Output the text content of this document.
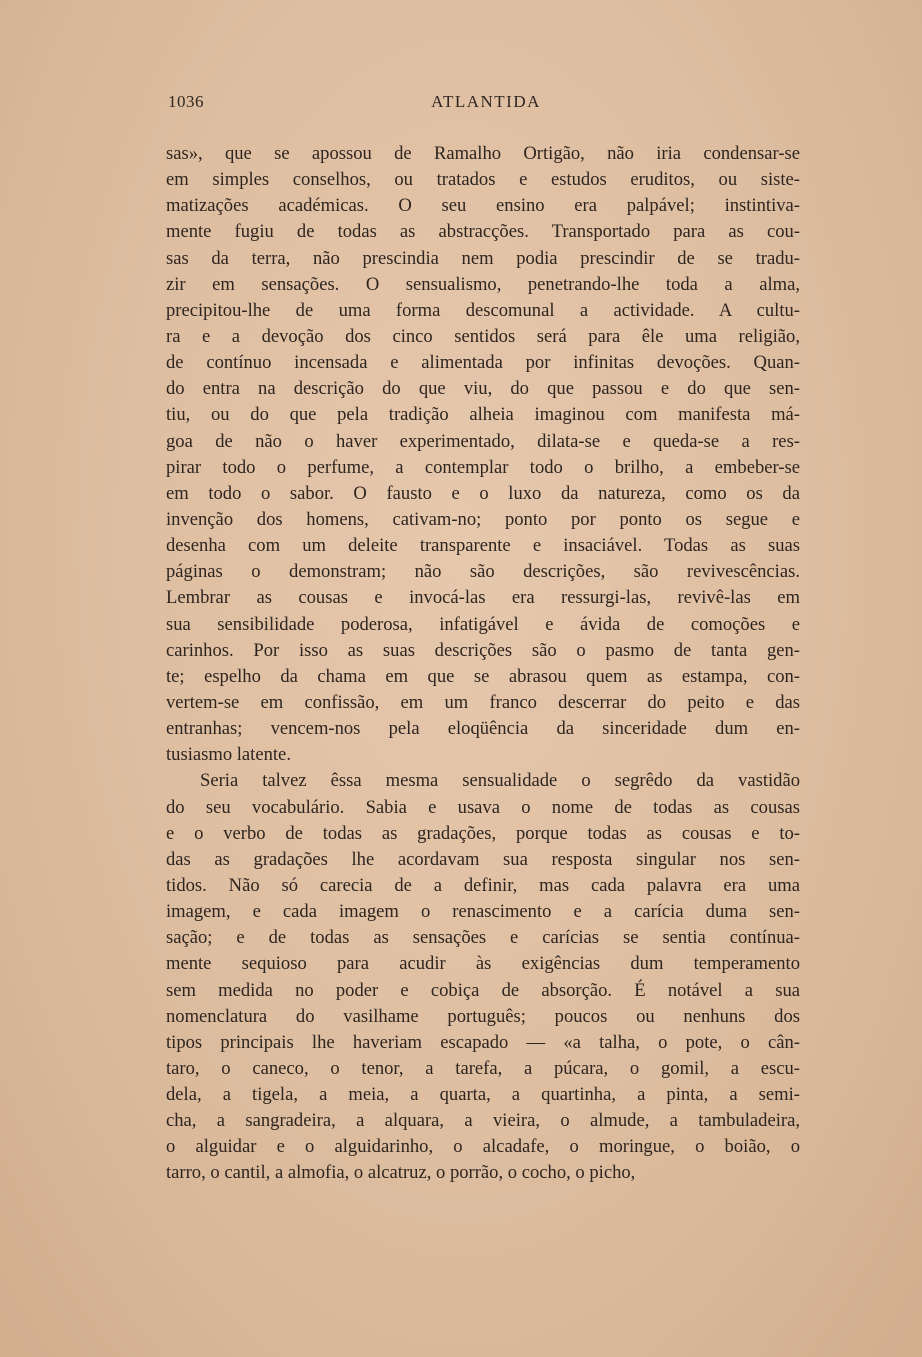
1036	ATLANTIDA
sas», que se apossou de Ramalho Ortigão, não iria condensar-se
em simples conselhos, ou tratados e estudos eruditos, ou siste-
matizações académicas. O seu ensino era palpável; instintiva-
mente fugiu de todas as abstracções. Transportado para as cou-
sas da terra, não prescindia nem podia prescindir de se tradu-
zir em sensações. O sensualismo, penetrando-lhe toda a alma,
precipitou-lhe de uma forma descomunal a actividade. A cultu-
ra e a devoção dos cinco sentidos será para êle uma religião,
de contínuo incensada e alimentada por infinitas devoções. Quan-
do entra na descrição do que viu, do que passou e do que sen-
tiu, ou do que pela tradição alheia imaginou com manifesta má-
goa de não o haver experimentado, dilata-se e queda-se a res-
pirar todo o perfume, a contemplar todo o brilho, a embeber-se
em todo o sabor. O fausto e o luxo da natureza, como os da
invenção dos homens, cativam-no; ponto por ponto os segue e
desenha com um deleite transparente e insaciável. Todas as suas
páginas o demonstram; não são descrições, são revivescências.
Lembrar as cousas e invocá-las era ressurgi-las, revivê-las em
sua sensibilidade poderosa, infatigável e ávida de comoções e
carinhos. Por isso as suas descrições são o pasmo de tanta gen-
te; espelho da chama em que se abrasou quem as estampa, con-
vertem-se em confissão, em um franco descerrar do peito e das
entranhas; vencem-nos pela eloqüência da sinceridade dum en-
tusiasmo latente.
Seria talvez êssa mesma sensualidade o segrêdo da vastidão
do seu vocabulário. Sabia e usava o nome de todas as cousas
e o verbo de todas as gradações, porque todas as cousas e to-
das as gradações lhe acordavam sua resposta singular nos sen-
tidos. Não só carecia de a definir, mas cada palavra era uma
imagem, e cada imagem o renascimento e a carícia duma sen-
sação; e de todas as sensações e carícias se sentia contínua-
mente sequioso para acudir às exigências dum temperamento
sem medida no poder e cobiça de absorção. É notável a sua
nomenclatura do vasilhame português; poucos ou nenhuns dos
tipos principais lhe haveriam escapado — «a talha, o pote, o cân-
taro, o caneco, o tenor, a tarefa, a púcara, o gomil, a escu-
dela, a tigela, a meia, a quarta, a quartinha, a pinta, a semi-
cha, a sangradeira, a alquara, a vieira, o almude, a tambuladeira,
o alguidar e o alguidarinho, o alcadafe, o moringue, o boião, o
tarro, o cantil, a almofia, o alcatruz, o porrão, o cocho, o picho,
